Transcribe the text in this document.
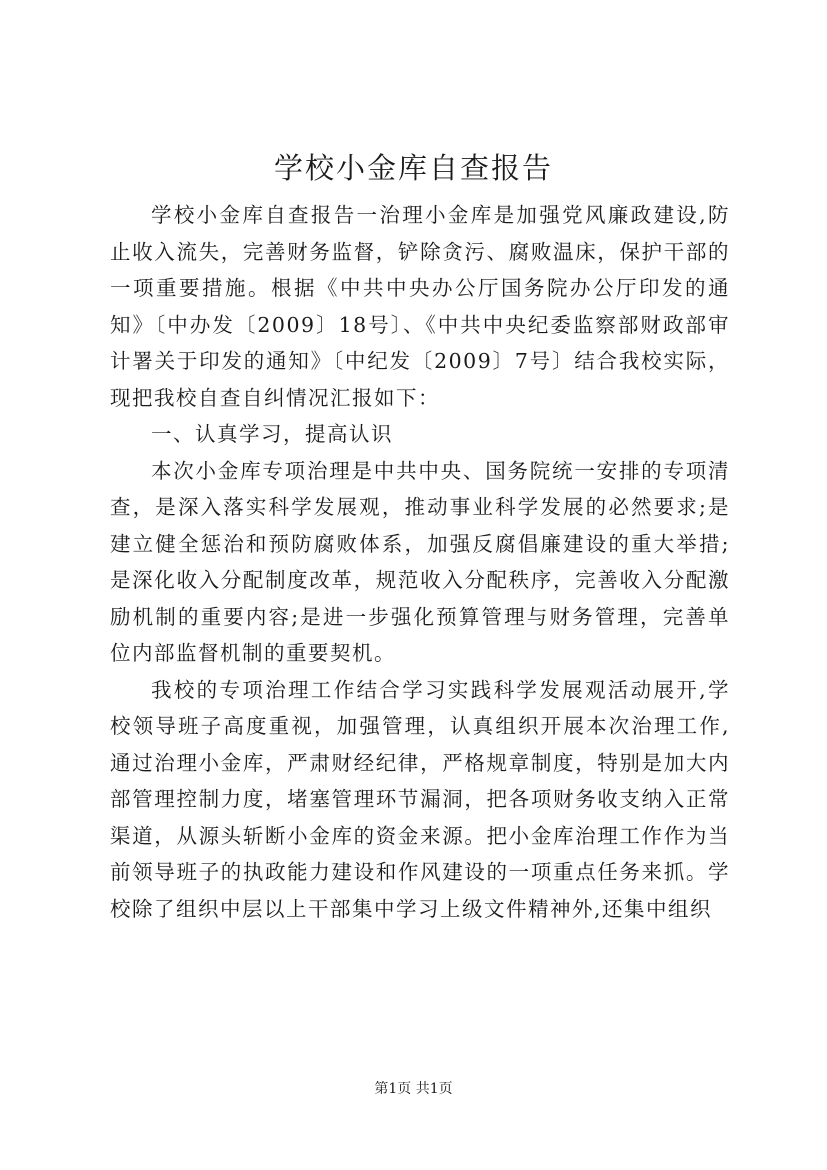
学校小金库自查报告

学校小金库自查报告一治理小金库是加强党风廉政建设,防止收入流失，完善财务监督，铲除贪污、腐败温床，保护干部的一项重要措施。根据《中共中央办公厅国务院办公厅印发的通知》〔中办发〔2009〕18号〕、《中共中央纪委监察部财政部审计署关于印发的通知》〔中纪发〔2009〕7号〕结合我校实际，现把我校自查自纠情况汇报如下：

一、认真学习，提高认识

本次小金库专项治理是中共中央、国务院统一安排的专项清查，是深入落实科学发展观，推动事业科学发展的必然要求;是建立健全惩治和预防腐败体系，加强反腐倡廉建设的重大举措;是深化收入分配制度改革，规范收入分配秩序，完善收入分配激励机制的重要内容;是进一步强化预算管理与财务管理，完善单位内部监督机制的重要契机。

我校的专项治理工作结合学习实践科学发展观活动展开,学校领导班子高度重视，加强管理，认真组织开展本次治理工作,通过治理小金库，严肃财经纪律，严格规章制度，特别是加大内部管理控制力度，堵塞管理环节漏洞，把各项财务收支纳入正常渠道，从源头斩断小金库的资金来源。把小金库治理工作作为当前领导班子的执政能力建设和作风建设的一项重点任务来抓。学校除了组织中层以上干部集中学习上级文件精神外,还集中组织

第1页 共1页
